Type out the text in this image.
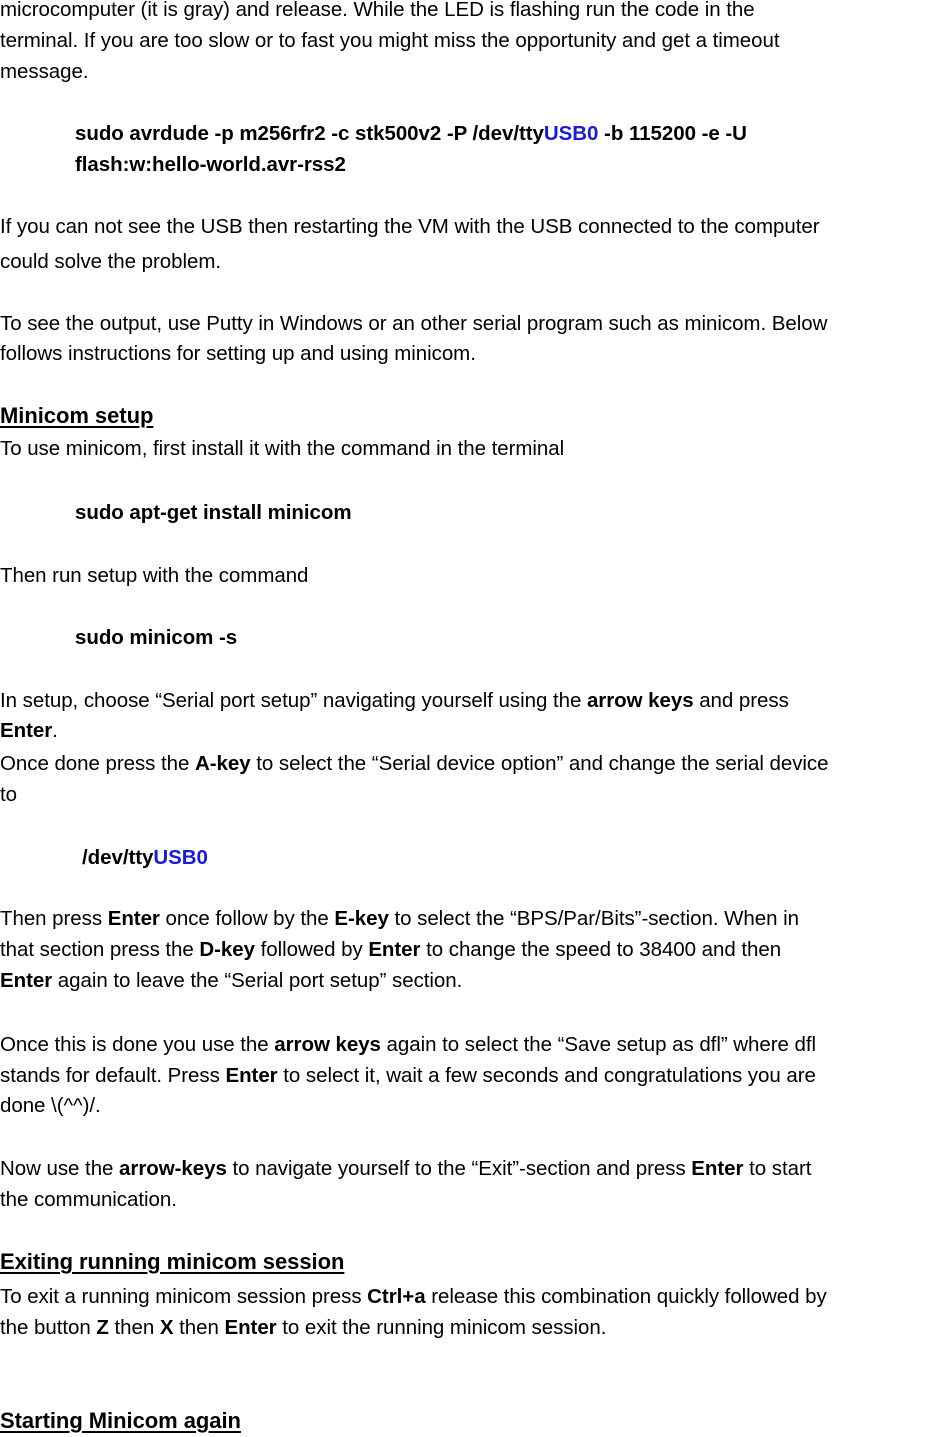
microcomputer (it is gray) and release. While the LED is flashing run the code in the
terminal. If you are too slow or to fast you might miss the opportunity and get a timeout
message.
sudo avrdude -p m256rfr2 -c stk500v2 -P /dev/ttyUSB0 -b 115200 -e -U
flash:w:hello-world.avr-rss2
If you can not see the USB then restarting the VM with the USB connected to the computer
could solve the problem.
To see the output, use Putty in Windows or an other serial program such as minicom. Below
follows instructions for setting up and using minicom.
Minicom setup
To use minicom, first install it with the command in the terminal
sudo apt-get install minicom
Then run setup with the command
sudo minicom -s
In setup, choose “Serial port setup” navigating yourself using the arrow keys and press
Enter.
Once done press the A-key to select the “Serial device option” and change the serial device
to
/dev/ttyUSB0
Then press Enter once follow by the E-key to select the “BPS/Par/Bits”-section. When in
that section press the D-key followed by Enter to change the speed to 38400 and then
Enter again to leave the “Serial port setup” section.
Once this is done you use the arrow keys again to select the “Save setup as dfl” where dfl
stands for default. Press Enter to select it, wait a few seconds and congratulations you are
done \(^^)/.
Now use the arrow-keys to navigate yourself to the “Exit”-section and press Enter to start
the communication.
Exiting running minicom session
To exit a running minicom session press Ctrl+a release this combination quickly followed by
the button Z then X then Enter to exit the running minicom session.
Starting Minicom again
